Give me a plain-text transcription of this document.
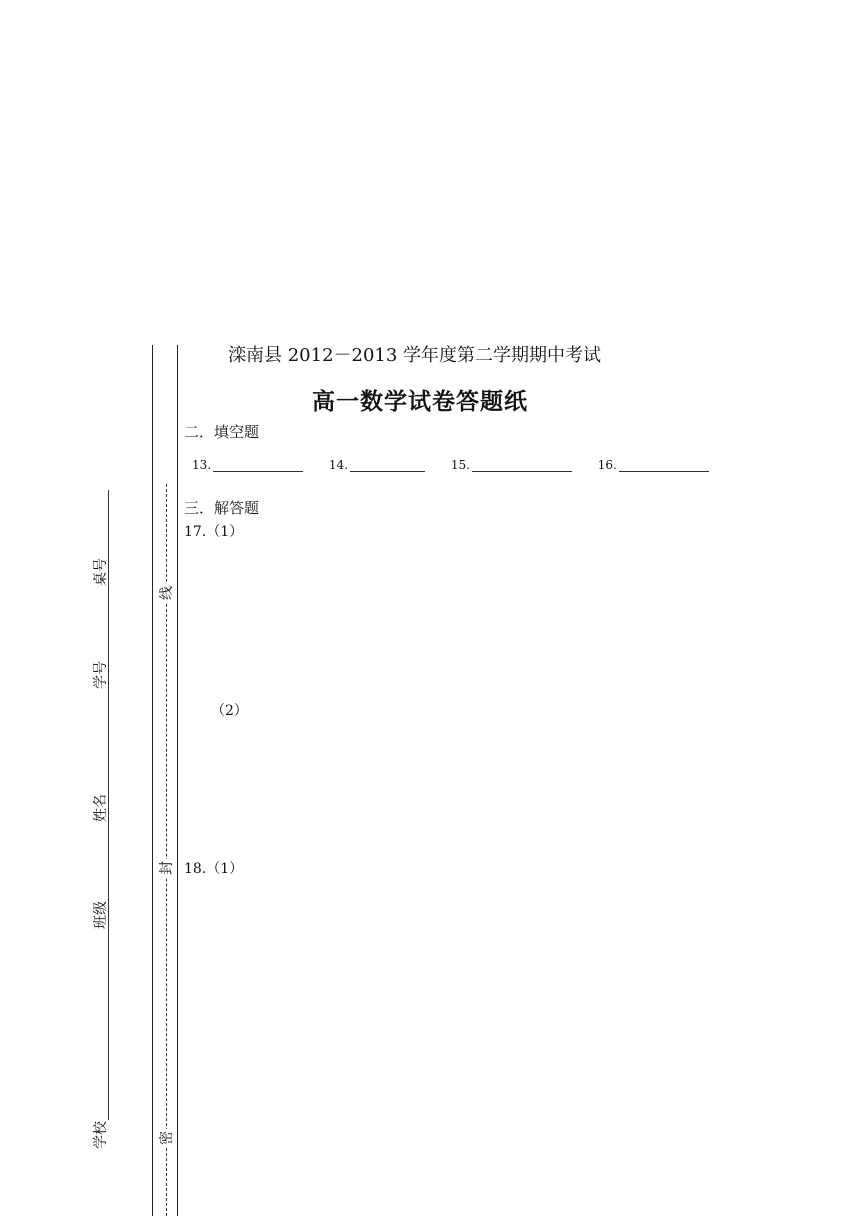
线
封
密
桌号
学号
姓名
班级
学校
滦南县 2012－2013 学年度第二学期期中考试
高一数学试卷答题纸
二．填空题
13.	14.	15.	16.
三．解答题
17.（1）
（2）
18.（1）
